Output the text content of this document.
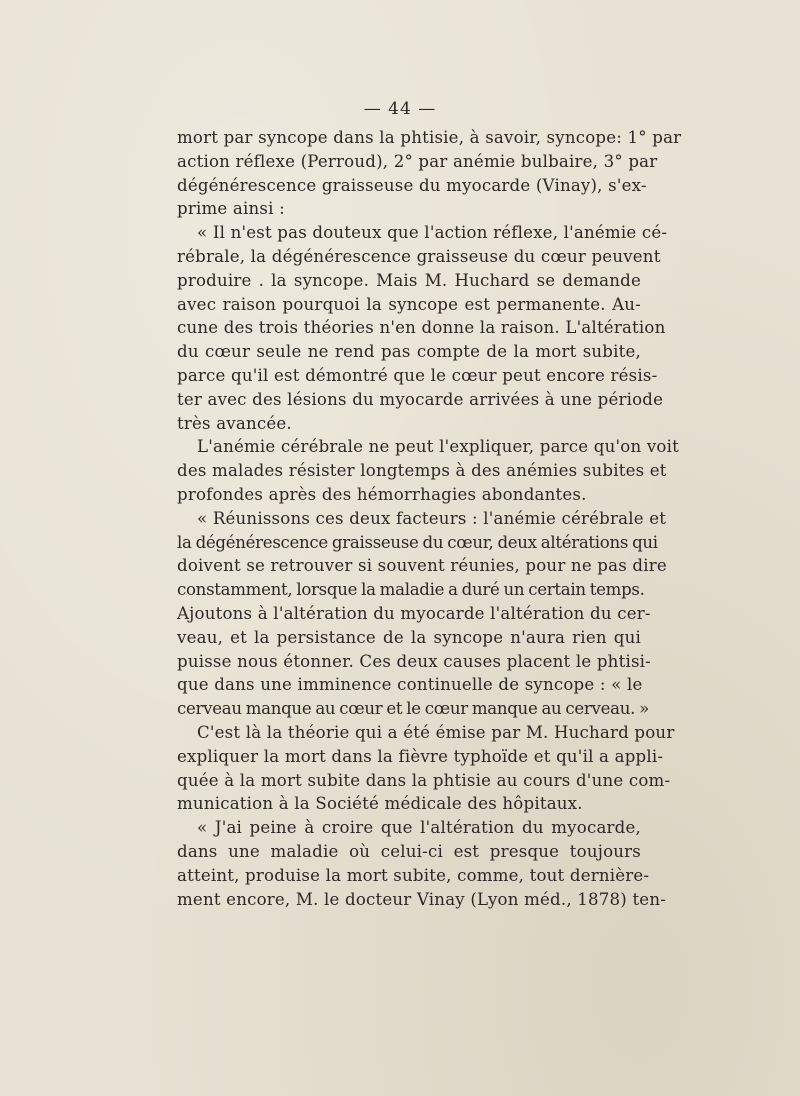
— 44 —
mort par syncope dans la phtisie, à savoir, syncope: 1° par
action réflexe (Perroud), 2° par anémie bulbaire, 3° par
dégénérescence graisseuse du myocarde (Vinay), s'ex-
prime ainsi :
« Il n'est pas douteux que l'action réflexe, l'anémie cé-
rébrale, la dégénérescence graisseuse du cœur peuvent
produire . la syncope. Mais M. Huchard se demande
avec raison pourquoi la syncope est permanente. Au-
cune des trois théories n'en donne la raison. L'altération
du cœur seule ne rend pas compte de la mort subite,
parce qu'il est démontré que le cœur peut encore résis-
ter avec des lésions du myocarde arrivées à une période
très avancée.
L'anémie cérébrale ne peut l'expliquer, parce qu'on voit
des malades résister longtemps à des anémies subites et
profondes après des hémorrhagies abondantes.
« Réunissons ces deux facteurs : l'anémie cérébrale et
la dégénérescence graisseuse du cœur, deux altérations qui
doivent se retrouver si souvent réunies, pour ne pas dire
constamment, lorsque la maladie a duré un certain temps.
Ajoutons à l'altération du myocarde l'altération du cer-
veau, et la persistance de la syncope n'aura rien qui
puisse nous étonner. Ces deux causes placent le phtisi-
que dans une imminence continuelle de syncope : « le
cerveau manque au cœur et le cœur manque au cerveau. »
C'est là la théorie qui a été émise par M. Huchard pour
expliquer la mort dans la fièvre typhoïde et qu'il a appli-
quée à la mort subite dans la phtisie au cours d'une com-
munication à la Société médicale des hôpitaux.
« J'ai peine à croire que l'altération du myocarde,
dans une maladie où celui-ci est presque toujours
atteint, produise la mort subite, comme, tout dernière-
ment encore, M. le docteur Vinay (Lyon méd., 1878) ten-
